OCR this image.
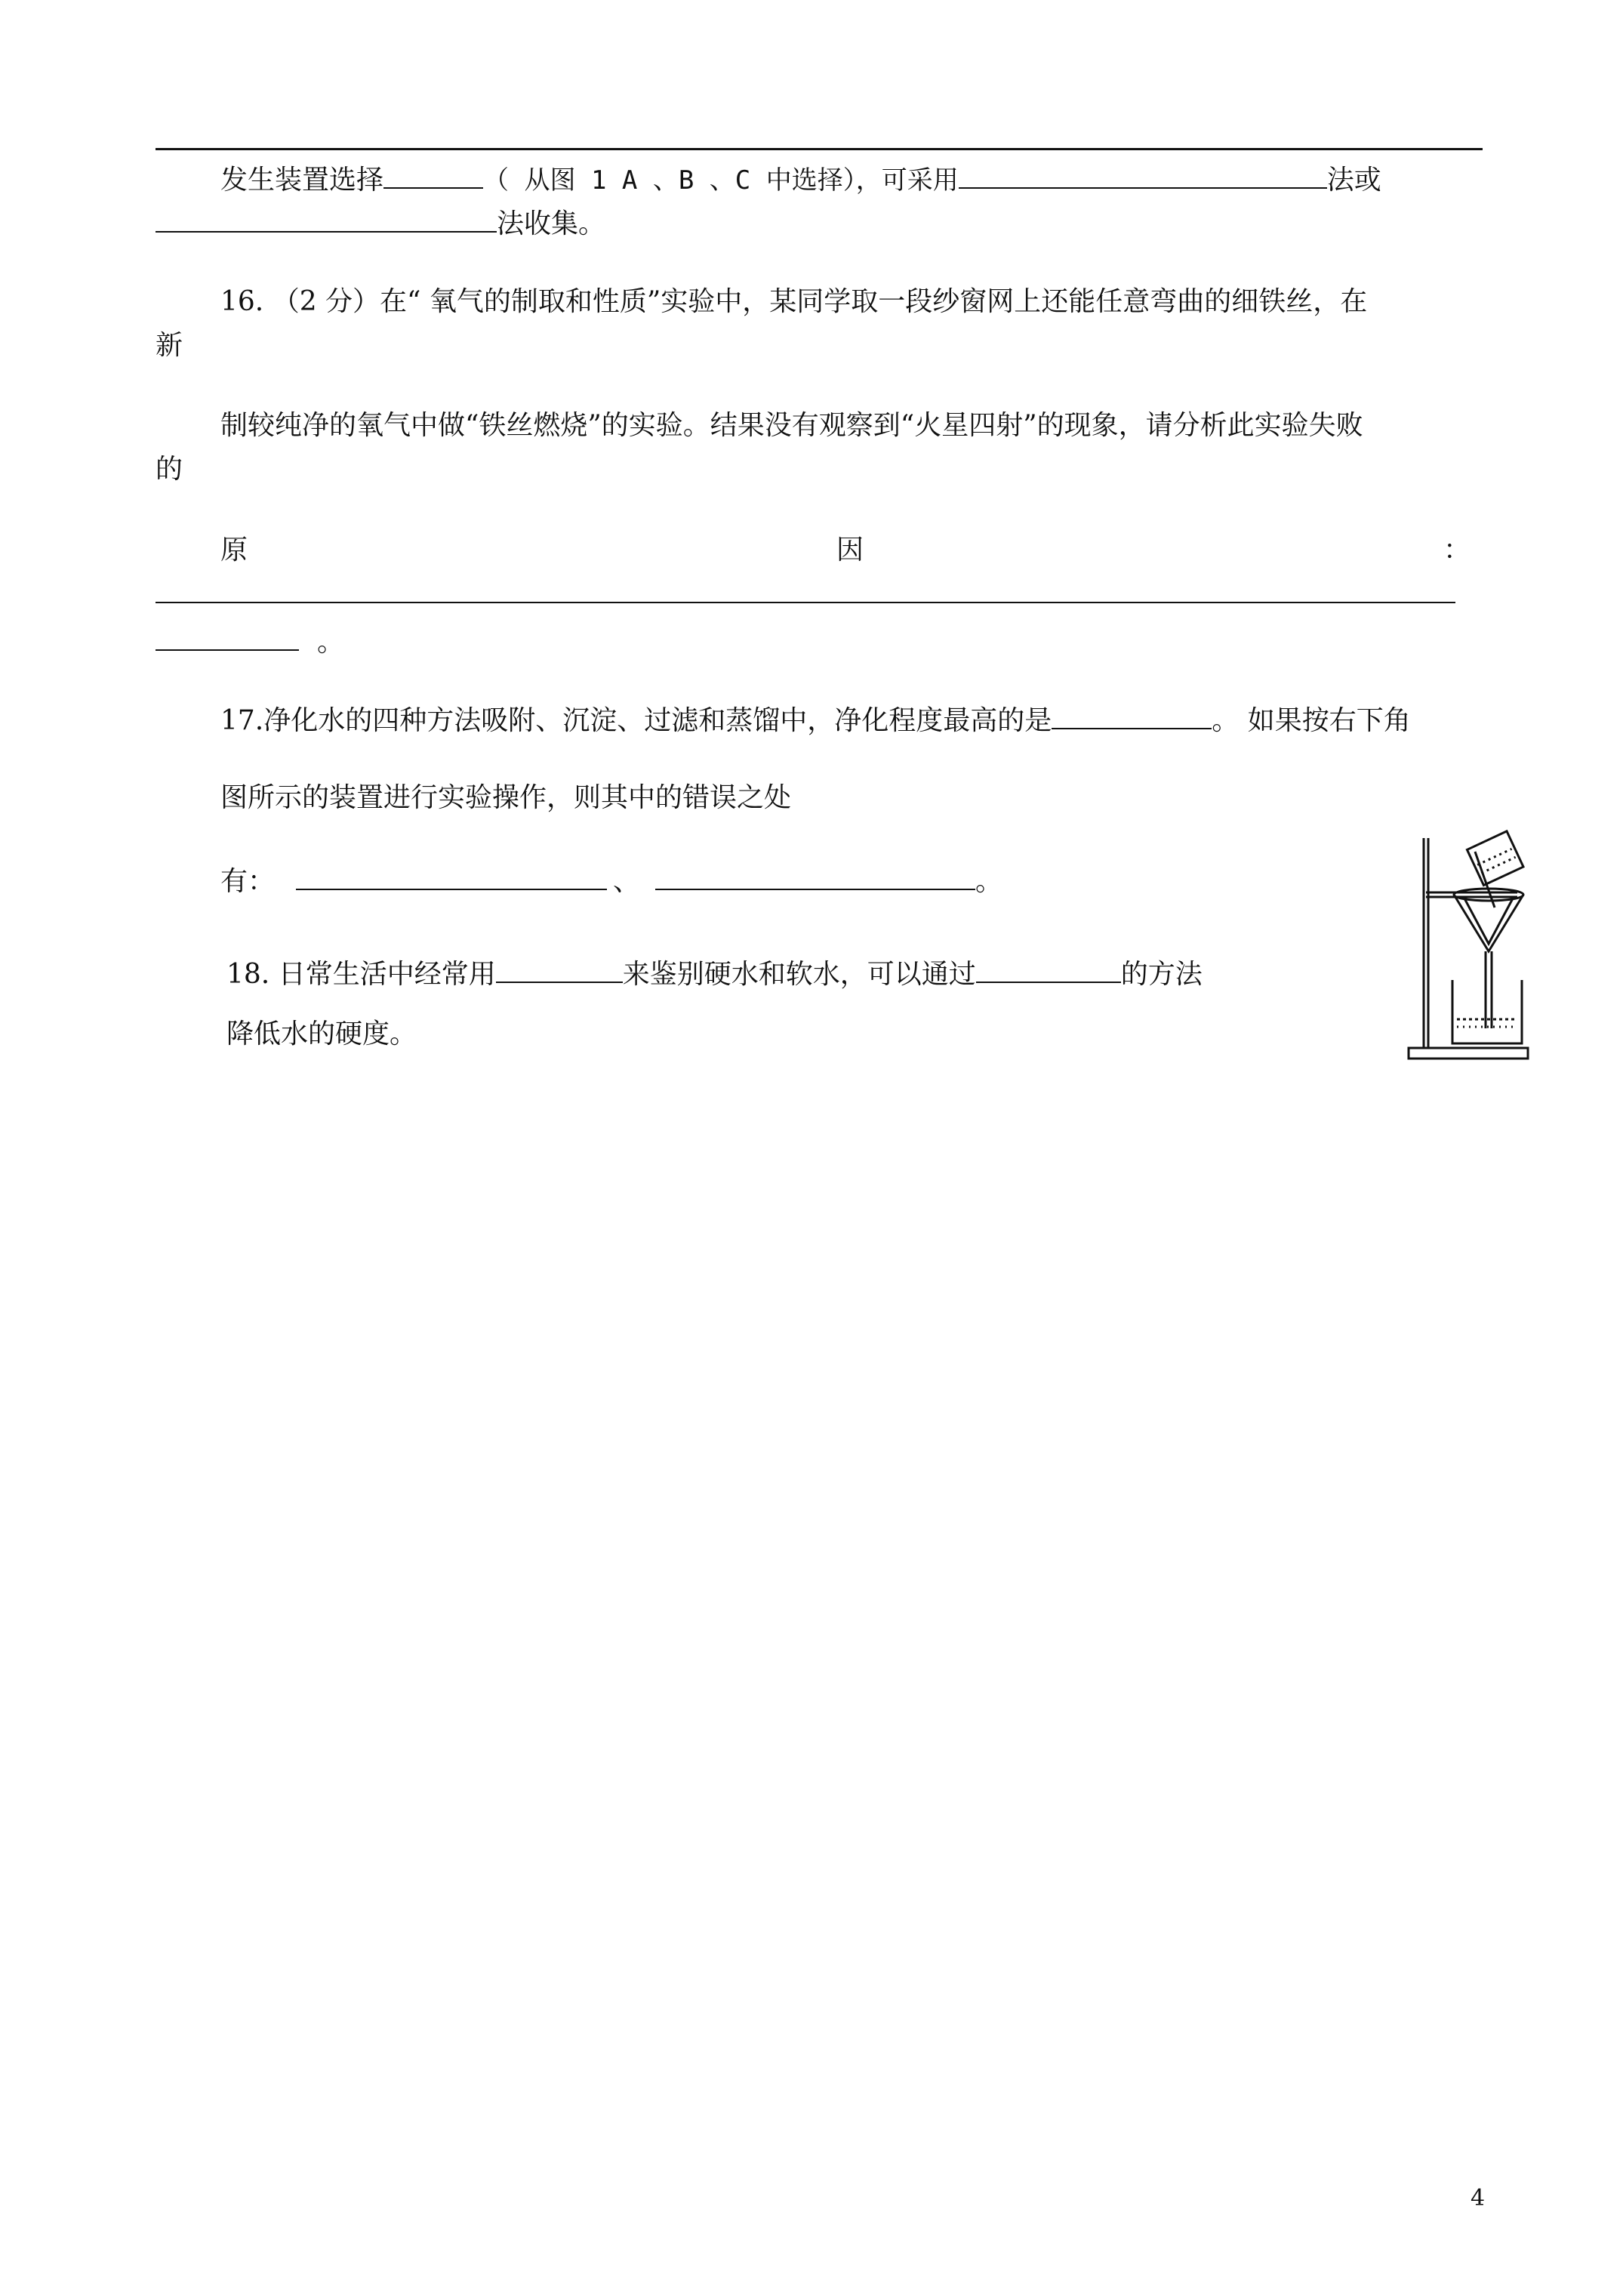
发生装置选择	（ 从图 1 A 、B 、C 中选择），可采用	法或
法收集。
16. （2 分）在“ 氧气的制取和性质”实验中，某同学取一段纱窗网上还能任意弯曲的细铁丝，在
新
制较纯净的氧气中做“铁丝燃烧”的实验。结果没有观察到“火星四射”的现象，请分析此实验失败
的
原	因	：
。
17.净化水的四种方法吸附、沉淀、过滤和蒸馏中，净化程度最高的是	。 如果按右下角
图所示的装置进行实验操作，则其中的错误之处
有：	、	。
18. 日常生活中经常用	来鉴别硬水和软水，可以通过	的方法
降低水的硬度。
4
